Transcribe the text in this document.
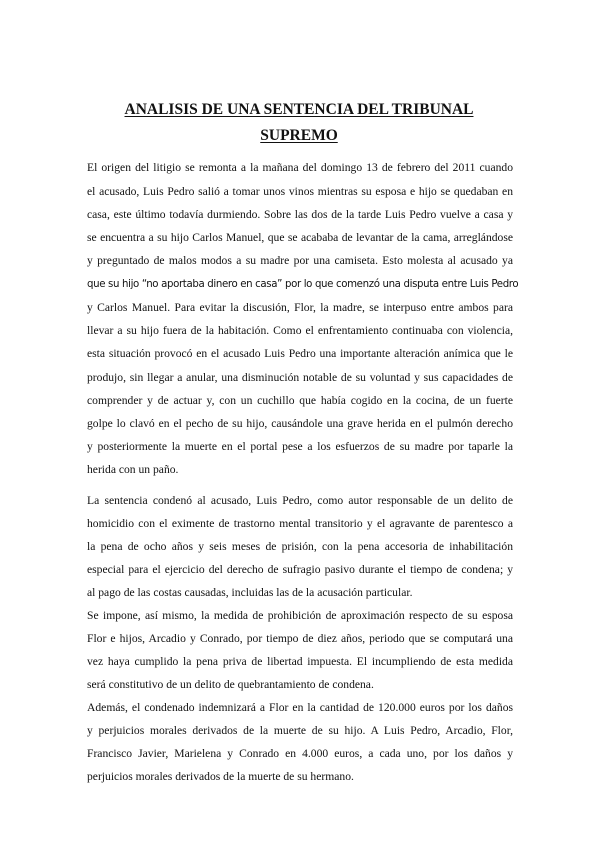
ANALISIS DE UNA SENTENCIA DEL TRIBUNAL
SUPREMO
El origen del litigio se remonta a la mañana del domingo 13 de febrero del 2011 cuando
el acusado, Luis Pedro salió a tomar unos vinos mientras su esposa e hijo se quedaban en
casa, este último todavía durmiendo. Sobre las dos de la tarde Luis Pedro vuelve a casa y
se encuentra a su hijo Carlos Manuel, que se acababa de levantar de la cama, arreglándose
y preguntado de malos modos a su madre por una camiseta. Esto molesta al acusado ya
que su hijo “no aportaba dinero en casa” por lo que comenzó una disputa entre Luis Pedro
y Carlos Manuel. Para evitar la discusión, Flor, la madre, se interpuso entre ambos para
llevar a su hijo fuera de la habitación. Como el enfrentamiento continuaba con violencia,
esta situación provocó en el acusado Luis Pedro una importante alteración anímica que le
produjo, sin llegar a anular, una disminución notable de su voluntad y sus capacidades de
comprender y de actuar y, con un cuchillo que había cogido en la cocina, de un fuerte
golpe lo clavó en el pecho de su hijo, causándole una grave herida en el pulmón derecho
y posteriormente la muerte en el portal pese a los esfuerzos de su madre por taparle la
herida con un paño.
La sentencia condenó al acusado, Luis Pedro, como autor responsable de un delito de
homicidio con el eximente de trastorno mental transitorio y el agravante de parentesco a
la pena de ocho años y seis meses de prisión, con la pena accesoria de inhabilitación
especial para el ejercicio del derecho de sufragio pasivo durante el tiempo de condena; y
al pago de las costas causadas, incluidas las de la acusación particular.
Se impone, así mismo, la medida de prohibición de aproximación respecto de su esposa
Flor e hijos, Arcadio y Conrado, por tiempo de diez años, periodo que se computará una
vez haya cumplido la pena priva de libertad impuesta. El incumpliendo de esta medida
será constitutivo de un delito de quebrantamiento de condena.
Además, el condenado indemnizará a Flor en la cantidad de 120.000 euros por los daños
y perjuicios morales derivados de la muerte de su hijo. A Luis Pedro, Arcadio, Flor,
Francisco Javier, Marielena y Conrado en 4.000 euros, a cada uno, por los daños y
perjuicios morales derivados de la muerte de su hermano.
